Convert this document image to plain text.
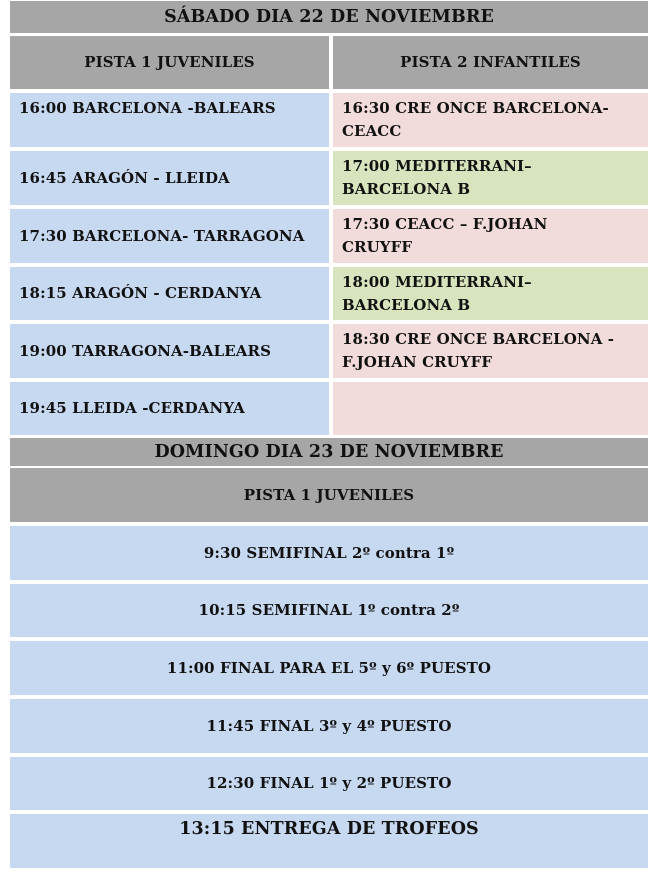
SÁBADO DIA 22 DE NOVIEMBRE
PISTA 1 JUVENILES	PISTA 2 INFANTILES
16:00 BARCELONA -BALEARS	16:30 CRE ONCE BARCELONA-
CEACC
16:45 ARAGÓN - LLEIDA
17:00 MEDITERRANI–
BARCELONA B
17:30 BARCELONA- TARRAGONA
17:30 CEACC – F.JOHAN
CRUYFF
18:15 ARAGÓN - CERDANYA
18:00 MEDITERRANI–
BARCELONA B
19:00 TARRAGONA-BALEARS
18:30 CRE ONCE BARCELONA -
F.JOHAN CRUYFF
19:45 LLEIDA -CERDANYA
DOMINGO DIA 23 DE NOVIEMBRE
PISTA 1 JUVENILES
9:30 SEMIFINAL 2º contra 1º
10:15 SEMIFINAL 1º contra 2º
11:00 FINAL PARA EL 5º y 6º PUESTO
11:45 FINAL 3º y 4º PUESTO
12:30 FINAL 1º y 2º PUESTO
13:15 ENTREGA DE TROFEOS
